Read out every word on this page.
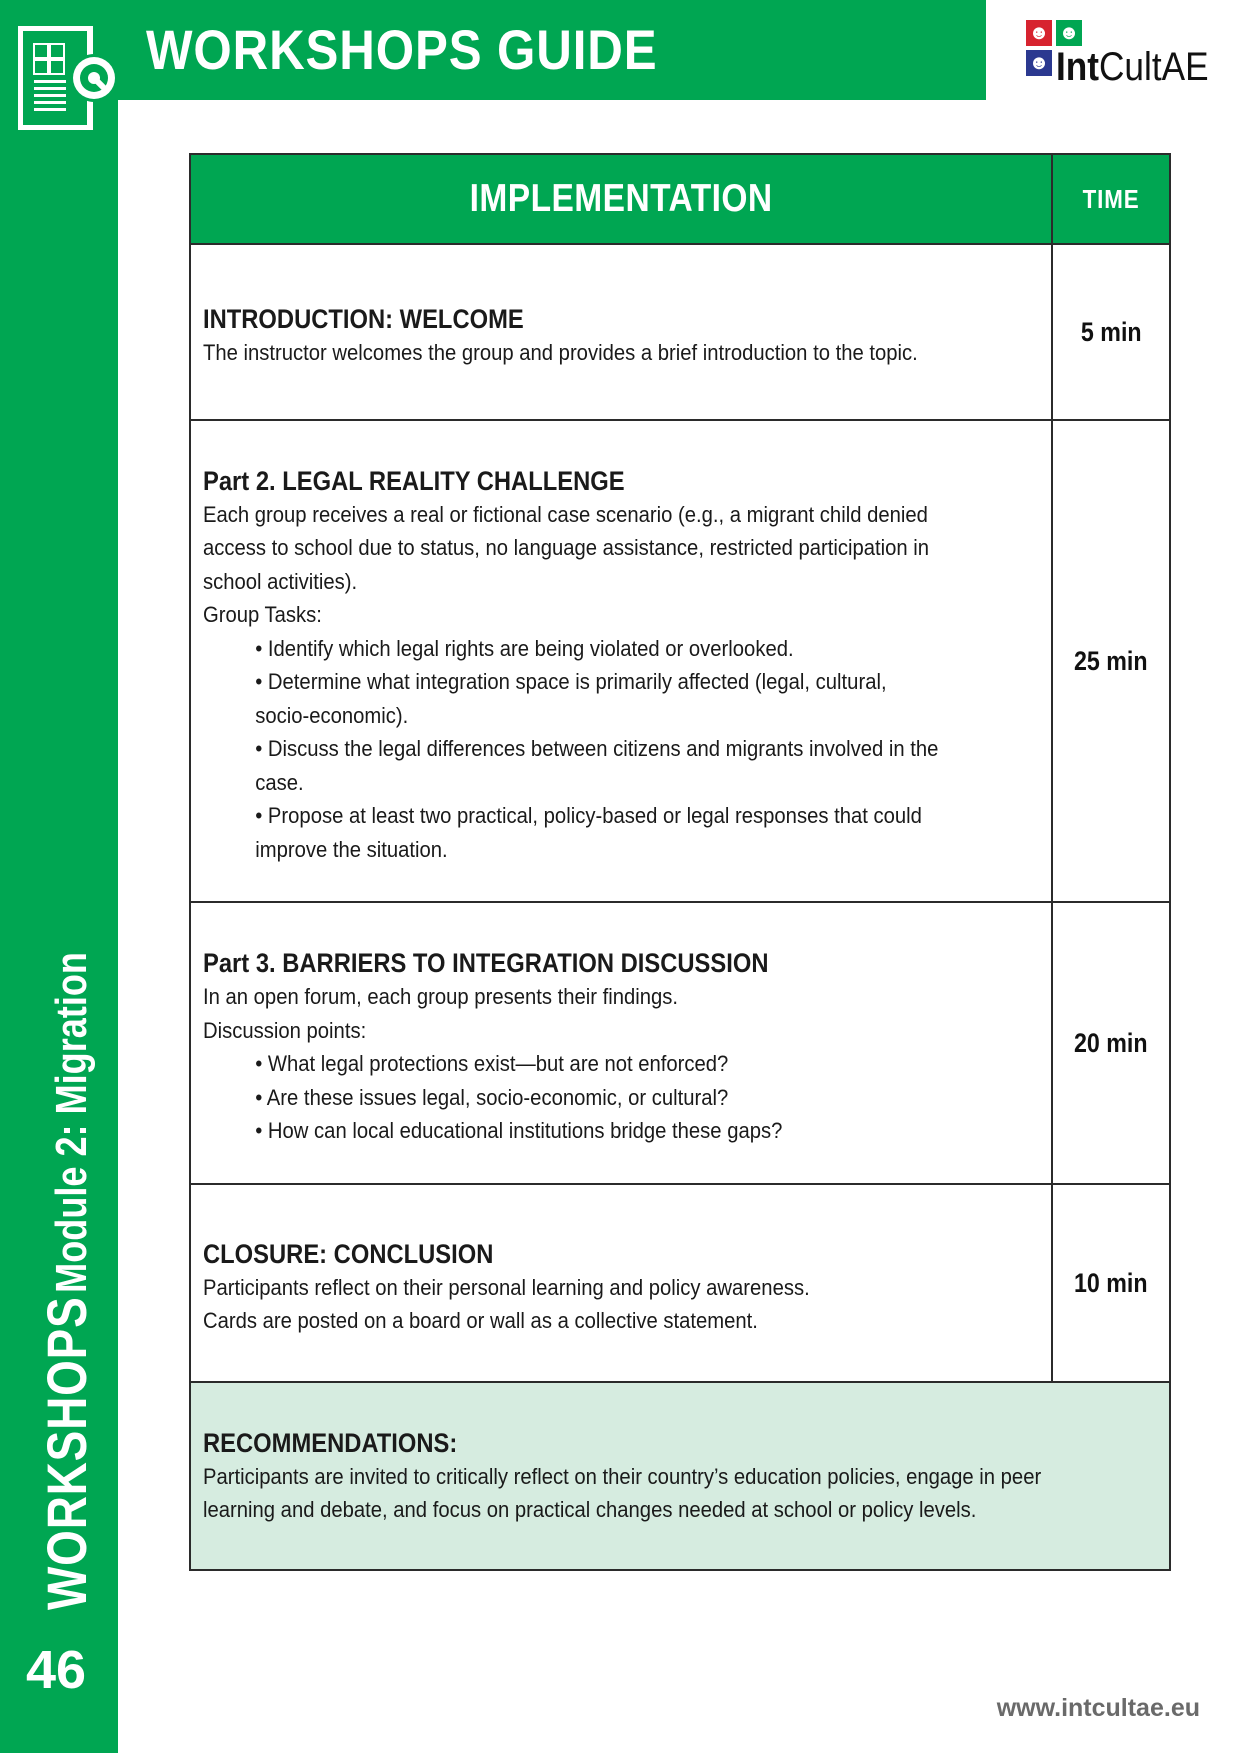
WORKSHOPS GUIDE	☻ ☻
☻ IntCultAE
WORKSHOPS Module 2: Migration
46
IMPLEMENTATION	TIME

INTRODUCTION: WELCOME
The instructor welcomes the group and provides a brief introduction to the topic.	5 min

Part 2. LEGAL REALITY CHALLENGE
Each group receives a real or fictional case scenario (e.g., a migrant child denied
access to school due to status, no language assistance, restricted participation in
school activities).
Group Tasks:
• Identify which legal rights are being violated or overlooked.
• Determine what integration space is primarily affected (legal, cultural,
socio-economic).
• Discuss the legal differences between citizens and migrants involved in the
case.
• Propose at least two practical, policy-based or legal responses that could
improve the situation.
	25 min

Part 3. BARRIERS TO INTEGRATION DISCUSSION
In an open forum, each group presents their findings.
Discussion points:
• What legal protections exist—but are not enforced?
• Are these issues legal, socio-economic, or cultural?
• How can local educational institutions bridge these gaps?
	20 min

CLOSURE: CONCLUSION
Participants reflect on their personal learning and policy awareness.
Cards are posted on a board or wall as a collective statement.	10 min

RECOMMENDATIONS:
Participants are invited to critically reflect on their country’s education policies, engage in peer
learning and debate, and focus on practical changes needed at school or policy levels.	
www.intcultae.eu
